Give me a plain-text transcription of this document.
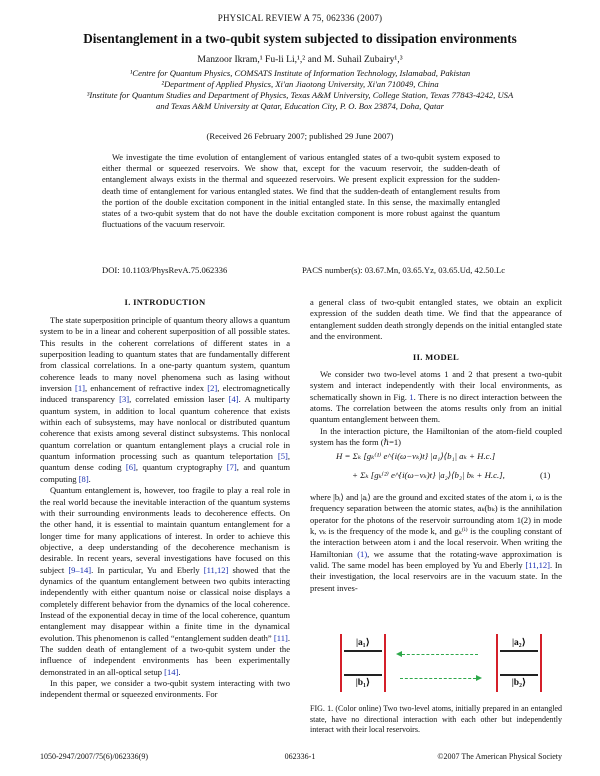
PHYSICAL REVIEW A 75, 062336 (2007)
Disentanglement in a two-qubit system subjected to dissipation environments
Manzoor Ikram,¹ Fu-li Li,¹,² and M. Suhail Zubairy¹,³
¹Centre for Quantum Physics, COMSATS Institute of Information Technology, Islamabad, Pakistan
²Department of Applied Physics, Xi'an Jiaotong University, Xi'an 710049, China
³Institute for Quantum Studies and Department of Physics, Texas A&M University, College Station, Texas 77843-4242, USA
and Texas A&M University at Qatar, Education City, P. O. Box 23874, Doha, Qatar
(Received 26 February 2007; published 29 June 2007)

We investigate the time evolution of entanglement of various entangled states of a two-qubit system exposed to either thermal or squeezed reservoirs. We show that, except for the vacuum reservoir, the sudden-death of entanglement always exists in the thermal and squeezed reservoirs. We present explicit expression for the sudden-death time of entanglement for various entangled states. We find that the sudden-death of entanglement results from the portion of the double excitation component in the initial entangled state. In this sense, the maximally entangled states of a two-qubit system that do not have the double excitation component is more robust against the quantum fluctuations of the vacuum reservoir.

DOI: 10.1103/PhysRevA.75.062336	PACS number(s): 03.67.Mn, 03.65.Yz, 03.65.Ud, 42.50.Lc
I. INTRODUCTION

The state superposition principle of quantum theory allows a quantum system to be in a linear and coherent superposition of all possible states. This results in the coherent correlations of different states in a superposition leading to quantum states that are fundamentally different from classical correlations. In a one-party quantum system, quantum coherence leads to many novel phenomena such as lasing without inversion [1], enhancement of refractive index [2], electromagnetically induced transparency [3], correlated emission laser [4]. A multiparty quantum system, in addition to local quantum coherence that exists within each of subsystems, may have nonlocal or distributed quantum coherence that exists among several distinct subsystems. This nonlocal quantum correlation or quantum entanglement plays a crucial role in quantum information processing such as quantum teleportation [5], quantum dense coding [6], quantum cryptography [7], and quantum computing [8].

Quantum entanglement is, however, too fragile to play a real role in the real world because the inevitable interaction of the quantum systems with their surrounding environments leads to decoherence effects. On the other hand, it is essential to maintain quantum entanglement for a longer time for many applications of interest. In order to achieve this objective, a deep understanding of the decoherence mechanism is desirable. In recent years, several investigations have focused on this subject [9–14]. In particular, Yu and Eberly [11,12] showed that the dynamics of the quantum entanglement between two qubits interacting independently with either quantum noise or classical noise displays a completely different behavior from the dynamics of the local coherence. Instead of the exponential decay in time of the local coherence, quantum entanglement may disappear within a finite time in the dynamical evolution. This phenomenon is called “entanglement sudden death” [11]. The sudden death of entanglement of a two-qubit system under the influence of independent environments has been experimentally demonstrated in an all-optical setup [14].

In this paper, we consider a two-qubit system interacting with two independent thermal or squeezed environments. For

a general class of two-qubit entangled states, we obtain an explicit expression of the sudden death time. We find that the appearance of entanglement sudden death strongly depends on the initial entangled state and the environment.

II. MODEL

We consider two two-level atoms 1 and 2 that present a two-qubit system and interact independently with their local environments, as schematically shown in Fig. 1. There is no direct interaction between the atoms. The correlation between the atoms results only from an initial quantum entanglement between them.

In the interaction picture, the Hamiltonian of the atom-field coupled system has the form (ℏ=1)

H = Σₖ [gₖ⁽¹⁾ e^{i(ω−νₖ)t} |a₁⟩⟨b₁| aₖ + H.c.]
+ Σₖ [gₖ⁽²⁾ e^{i(ω−νₖ)t} |a₂⟩⟨b₂| bₖ + H.c.],	(1)

where |bᵢ⟩ and |aᵢ⟩ are the ground and excited states of the atom i, ω is the frequency separation between the atomic states, aₖ(bₖ) is the annihilation operator for the photons of the reservoir surrounding atom 1(2) in mode k, νₖ is the frequency of the mode k, and gₖ⁽ⁱ⁾ is the coupling constant of the interaction between atom i and the local reservoir. When writing the Hamiltonian (1), we assume that the rotating-wave approximation is valid. The same model has been employed by Yu and Eberly [11,12]. In their investigation, the local reservoirs are in the vacuum state. In the present inves-

|a₁⟩
|b₁⟩
|a₂⟩
|b₂⟩
FIG. 1. (Color online) Two two-level atoms, initially prepared in an entangled state, have no directional interaction with each other but independently interact with their local reservoirs.
1050-2947/2007/75(6)/062336(9)	062336-1	©2007 The American Physical Society
